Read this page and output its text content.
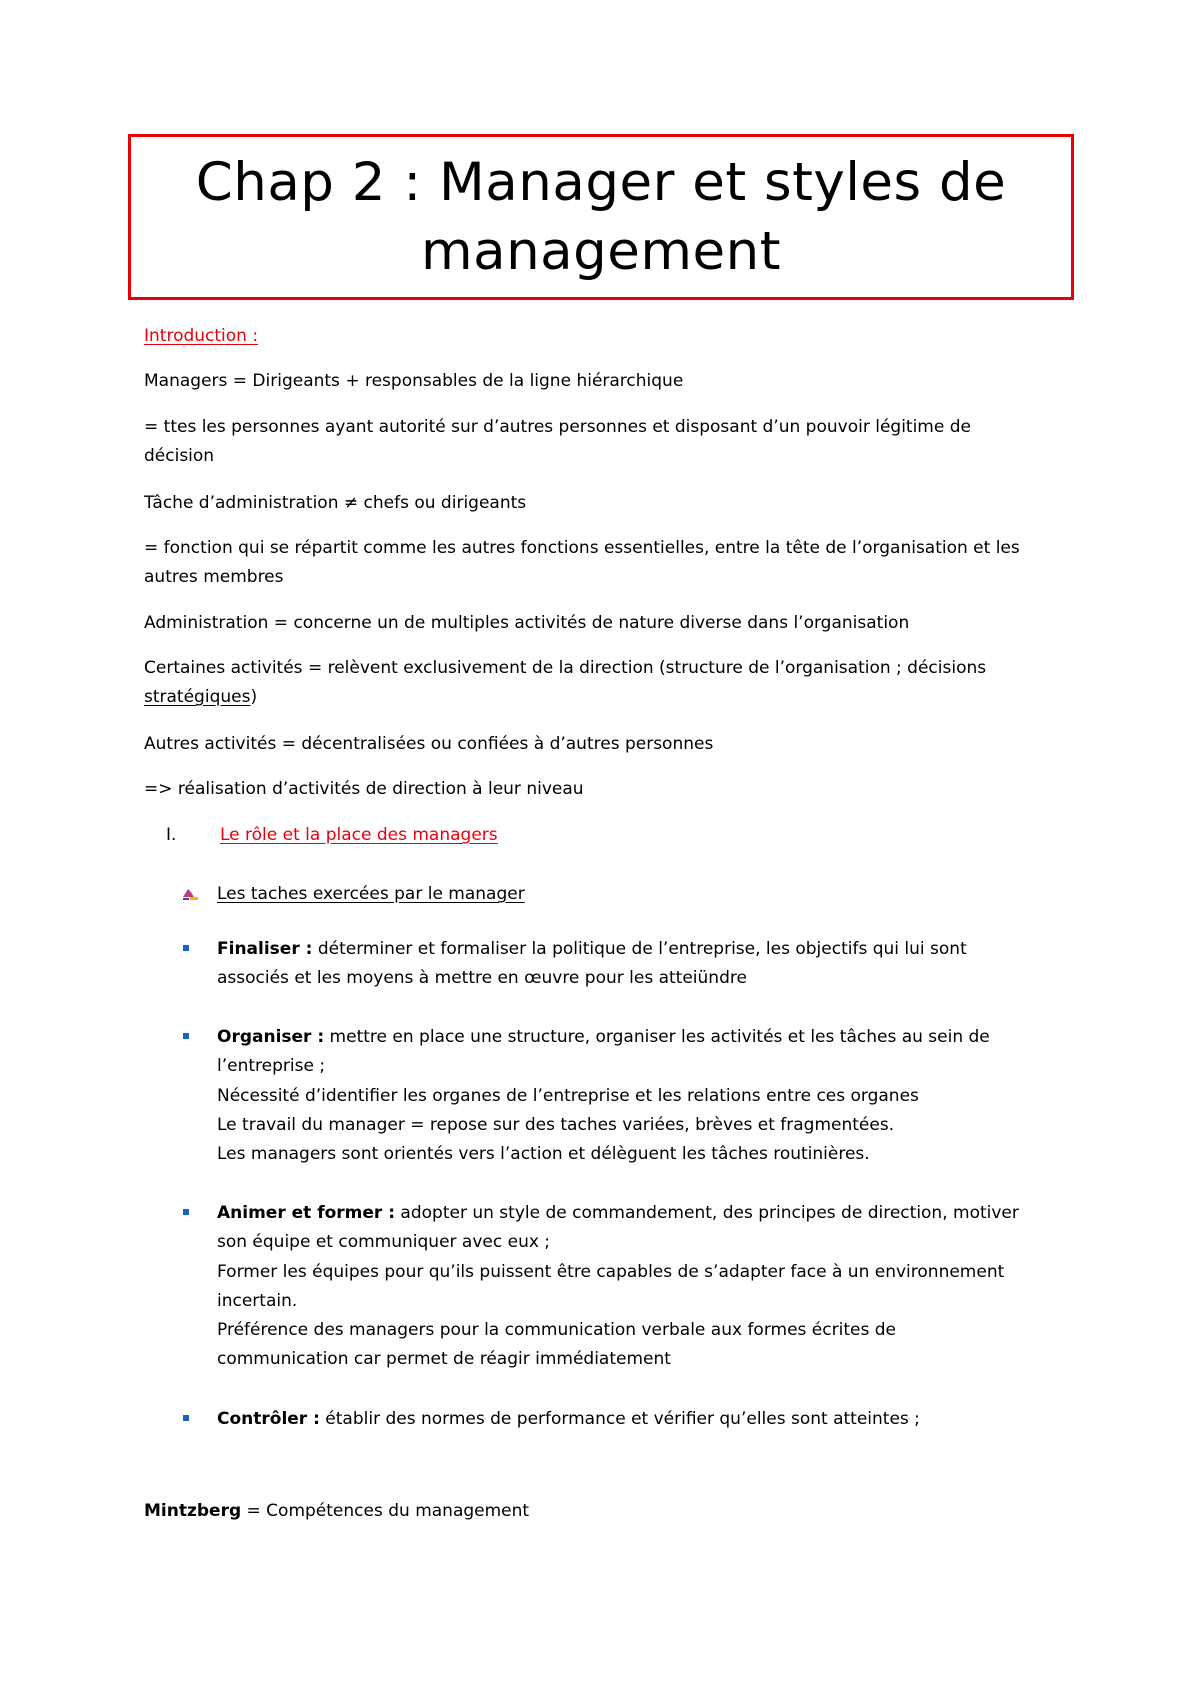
Chap 2 : Manager et styles de
management
Introduction :
Managers = Dirigeants + responsables de la ligne hiérarchique
= ttes les personnes ayant autorité sur d’autres personnes et disposant d’un pouvoir légitime de
décision
Tâche d’administration ≠ chefs ou dirigeants
= fonction qui se répartit comme les autres fonctions essentielles, entre la tête de l’organisation et les
autres membres
Administration = concerne un de multiples activités de nature diverse dans l’organisation
Certaines activités = relèvent exclusivement de la direction (structure de l’organisation ; décisions
stratégiques)
Autres activités = décentralisées ou confiées à d’autres personnes
=> réalisation d’activités de direction à leur niveau
I.	Le rôle et la place des managers
Les taches exercées par le manager

Finaliser : déterminer et formaliser la politique de l’entreprise, les objectifs qui lui sont

associés et les moyens à mettre en œuvre pour les atteiündre

Organiser : mettre en place une structure, organiser les activités et les tâches au sein de

l’entreprise ;

Nécessité d’identifier les organes de l’entreprise et les relations entre ces organes

Le travail du manager = repose sur des taches variées, brèves et fragmentées.

Les managers sont orientés vers l’action et délèguent les tâches routinières.

Animer et former : adopter un style de commandement, des principes de direction, motiver

son équipe et communiquer avec eux ;

Former les équipes pour qu’ils puissent être capables de s’adapter face à un environnement

incertain.

Préférence des managers pour la communication verbale aux formes écrites de

communication car permet de réagir immédiatement

Contrôler : établir des normes de performance et vérifier qu’elles sont atteintes ;

Mintzberg = Compétences du management
